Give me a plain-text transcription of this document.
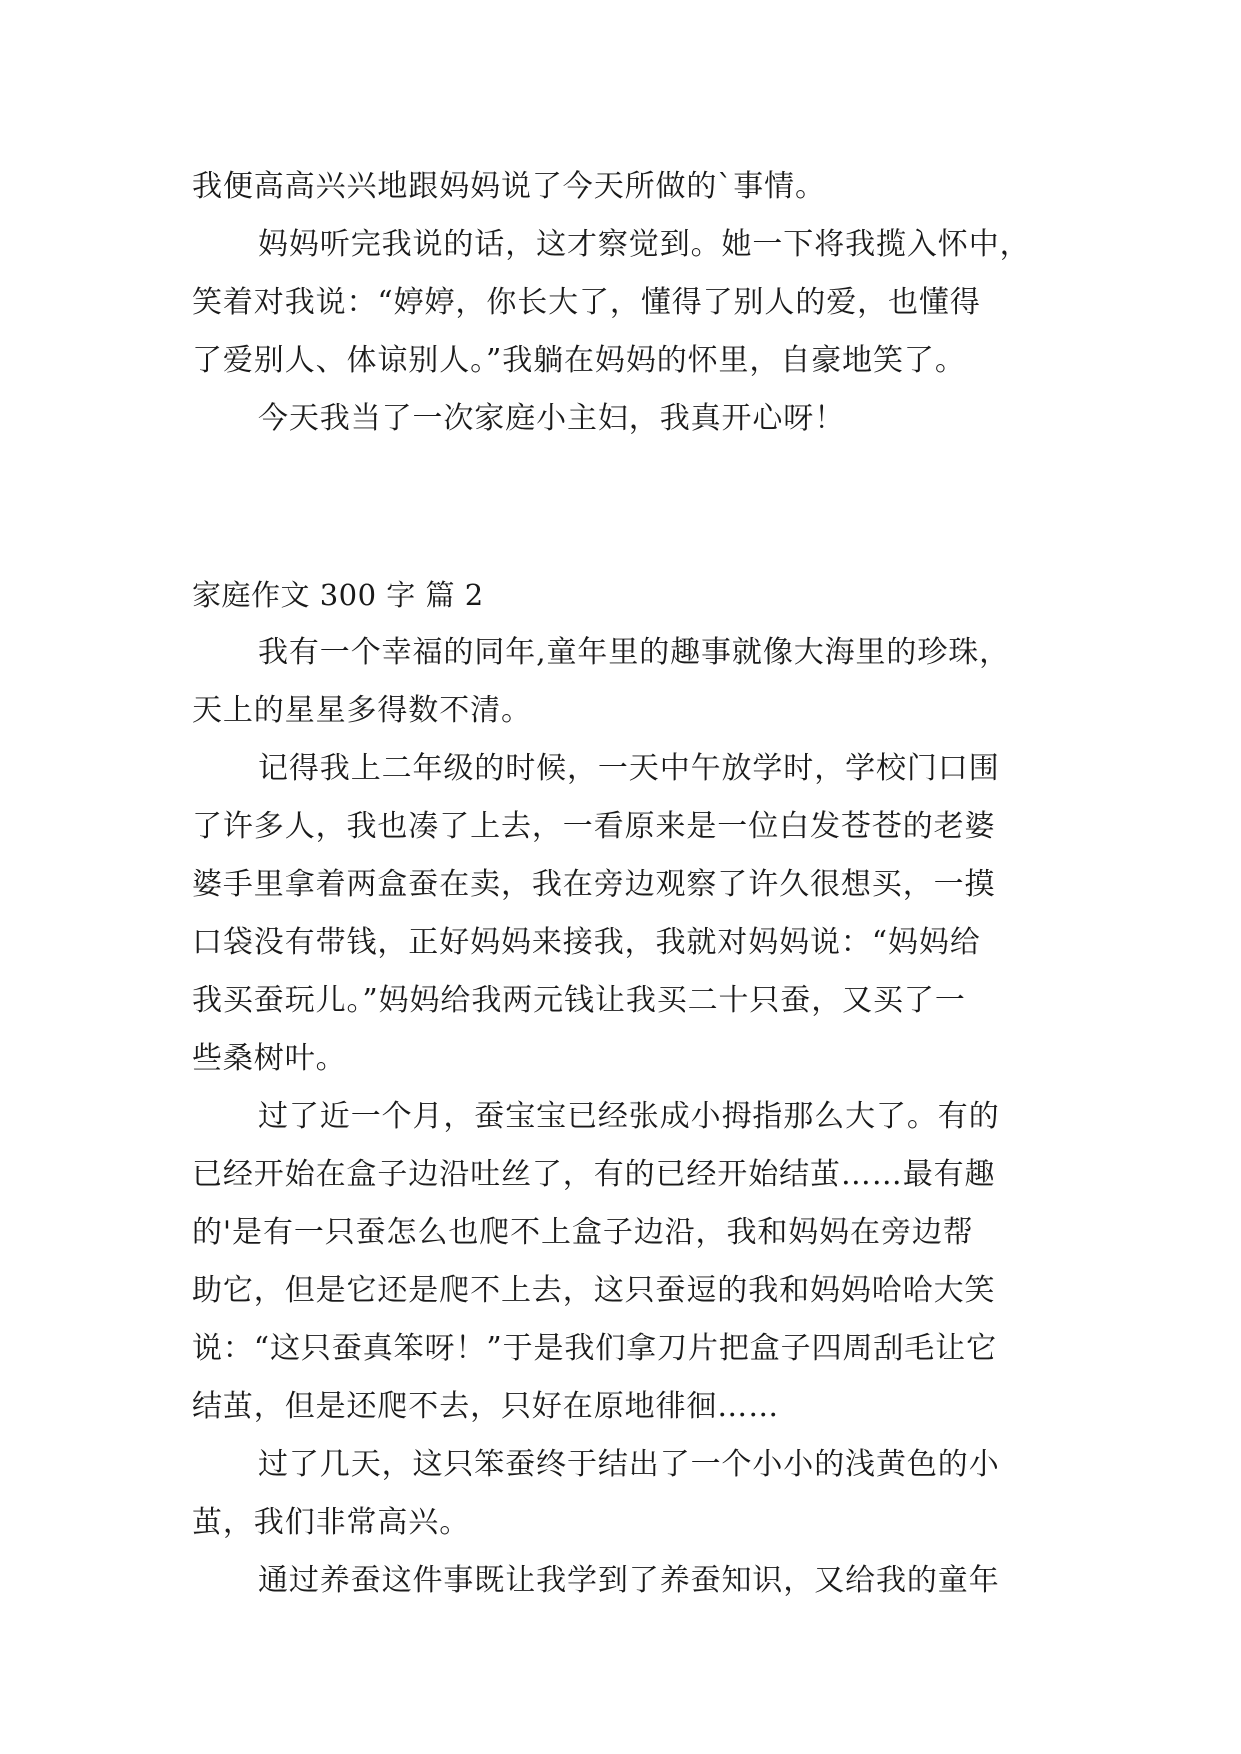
我便高高兴兴地跟妈妈说了今天所做的`事情。
妈妈听完我说的话，这才察觉到。她一下将我揽入怀中，
笑着对我说：“婷婷，你长大了，懂得了别人的爱，也懂得
了爱别人、体谅别人。”我躺在妈妈的怀里，自豪地笑了。
今天我当了一次家庭小主妇，我真开心呀！
家庭作文 300 字 篇 2
我有一个幸福的同年,童年里的趣事就像大海里的珍珠，
天上的星星多得数不清。
记得我上二年级的时候，一天中午放学时，学校门口围
了许多人，我也凑了上去，一看原来是一位白发苍苍的老婆
婆手里拿着两盒蚕在卖，我在旁边观察了许久很想买，一摸
口袋没有带钱，正好妈妈来接我，我就对妈妈说：“妈妈给
我买蚕玩儿。”妈妈给我两元钱让我买二十只蚕，又买了一
些桑树叶。
过了近一个月，蚕宝宝已经张成小拇指那么大了。有的
已经开始在盒子边沿吐丝了，有的已经开始结茧……最有趣
的'是有一只蚕怎么也爬不上盒子边沿，我和妈妈在旁边帮
助它，但是它还是爬不上去，这只蚕逗的我和妈妈哈哈大笑
说：“这只蚕真笨呀！”于是我们拿刀片把盒子四周刮毛让它
结茧，但是还爬不去，只好在原地徘徊……
过了几天，这只笨蚕终于结出了一个小小的浅黄色的小
茧，我们非常高兴。
通过养蚕这件事既让我学到了养蚕知识，又给我的童年
